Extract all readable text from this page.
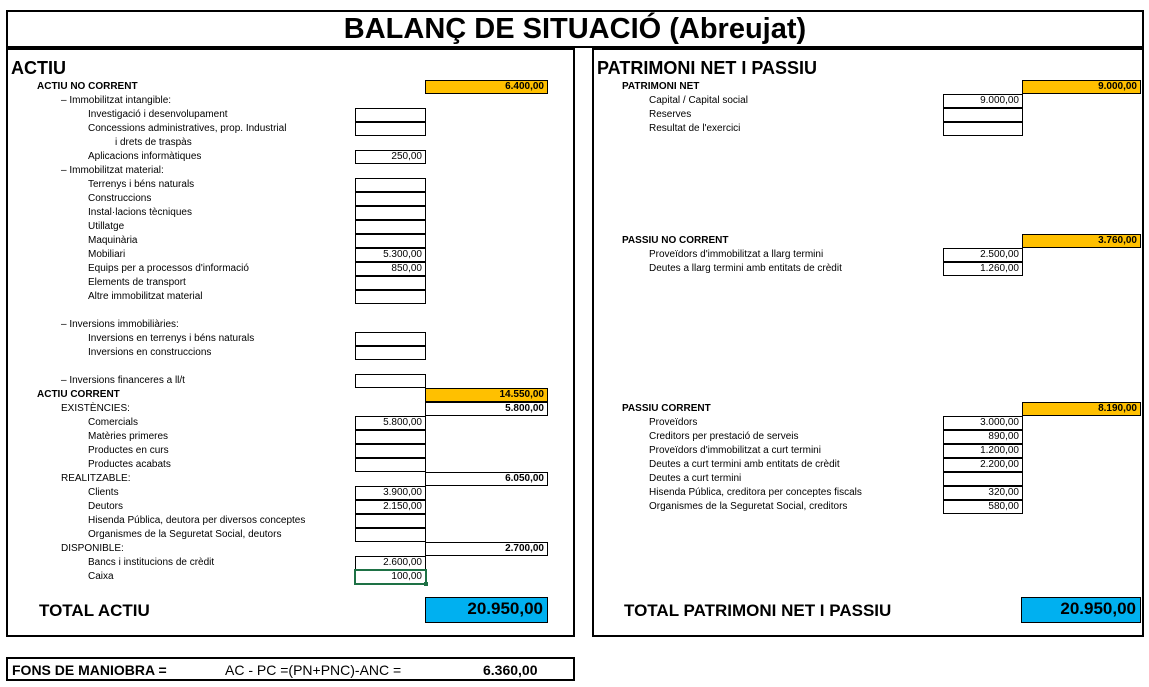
BALANÇ DE SITUACIÓ (Abreujat)
ACTIU
ACTIU NO CORRENT	6.400,00
– Immobilitzat intangible:
Investigació i desenvolupament
Concessions administratives, prop. Industrial
i drets de traspàs
Aplicacions informàtiques	250,00
– Immobilitzat material:
Terrenys i béns naturals
Construccions
Instal·lacions tècniques
Utillatge
Maquinària
Mobiliari	5.300,00
Equips per a processos d'informació	850,00
Elements de transport
Altre immobilitzat material
– Inversions immobiliàries:
Inversions en terrenys i béns naturals
Inversions en construccions
– Inversions financeres a ll/t
ACTIU CORRENT	14.550,00
EXISTÈNCIES:	5.800,00
Comercials	5.800,00
Matèries primeres
Productes en curs
Productes acabats
REALITZABLE:	6.050,00
Clients	3.900,00
Deutors	2.150,00
Hisenda Pública, deutora per diversos conceptes
Organismes de la Seguretat Social, deutors
DISPONIBLE:	2.700,00
Bancs i institucions de crèdit	2.600,00
Caixa	100,00
TOTAL ACTIU	20.950,00
PATRIMONI NET I PASSIU
PATRIMONI NET	9.000,00
Capital / Capital social	9.000,00
Reserves
Resultat de l'exercici
PASSIU NO CORRENT	3.760,00
Proveïdors d'immobilitzat a llarg termini	2.500,00
Deutes a llarg termini amb entitats de crèdit	1.260,00
PASSIU CORRENT	8.190,00
Proveïdors	3.000,00
Creditors per prestació de serveis	890,00
Proveïdors d'immobilitzat a curt termini	1.200,00
Deutes a curt termini amb entitats de crèdit	2.200,00
Deutes a curt termini
Hisenda Pública, creditora per conceptes fiscals	320,00
Organismes de la Seguretat Social, creditors	580,00
TOTAL PATRIMONI NET I PASSIU	20.950,00
FONS DE MANIOBRA =	AC - PC =(PN+PNC)-ANC =	6.360,00
